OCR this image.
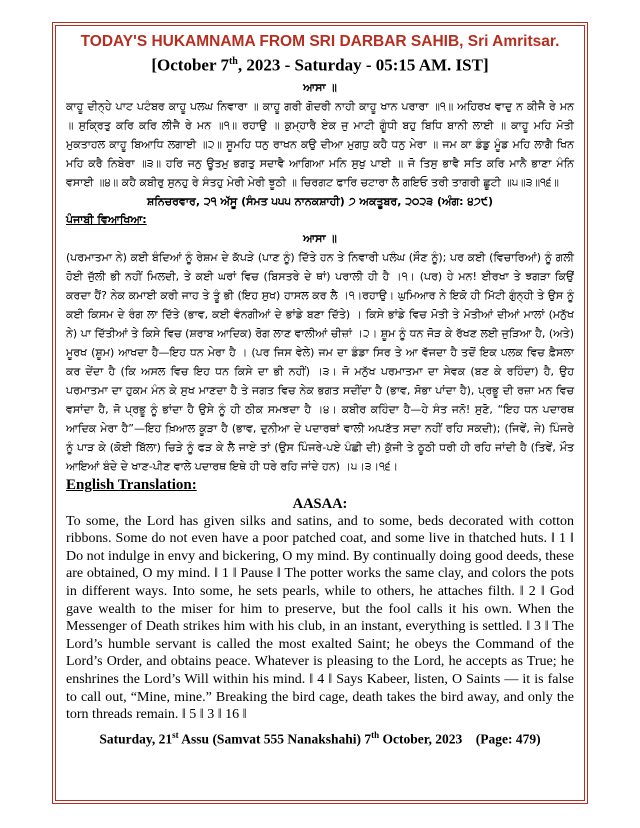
TODAY'S HUKAMNAMA FROM SRI DARBAR SAHIB, Sri Amritsar.

[October 7th, 2023 - Saturday - 05:15 AM. IST]

ਆਸਾ ॥

ਕਾਹੂ ਦੀਨ੍ਹੇ ਪਾਟ ਪਟੰਬਰ ਕਾਹੂ ਪਲਘ ਨਿਵਾਰਾ ॥ ਕਾਹੂ ਗਰੀ ਗੋਦਰੀ ਨਾਹੀ ਕਾਹੂ ਖਾਨ ਪਰਾਰਾ ॥੧॥ ਅਹਿਰਖ ਵਾਦੁ ਨ ਕੀਜੈ ਰੇ ਮਨ ॥ ਸੁਕ੍ਰਿਤੁ ਕਰਿ ਕਰਿ ਲੀਜੈ ਰੇ ਮਨ ॥੧॥ ਰਹਾਉ ॥ ਕੁਮ੍ਹਾਰੈ ਏਕ ਜੁ ਮਾਟੀ ਗੂੰਧੀ ਬਹੁ ਬਿਧਿ ਬਾਨੀ ਲਾਈ ॥ ਕਾਹੂ ਮਹਿ ਮੋਤੀ ਮੁਕਤਾਹਲ ਕਾਹੂ ਬਿਆਧਿ ਲਗਾਈ ॥੨॥ ਸੂਮਹਿ ਧਨੁ ਰਾਖਨ ਕਉ ਦੀਆ ਮੁਗਧੁ ਕਹੈ ਧਨੁ ਮੇਰਾ ॥ ਜਮ ਕਾ ਡੰਡੁ ਮੂੰਡ ਮਹਿ ਲਾਗੈ ਖਿਨ ਮਹਿ ਕਰੈ ਨਿਬੇਰਾ ॥੩॥ ਹਰਿ ਜਨੁ ਊਤਮੁ ਭਗਤੁ ਸਦਾਵੈ ਆਗਿਆ ਮਨਿ ਸੁਖੁ ਪਾਈ ॥ ਜੋ ਤਿਸੁ ਭਾਵੈ ਸਤਿ ਕਰਿ ਮਾਨੈ ਭਾਣਾ ਮੰਨਿ ਵਸਾਈ ॥੪॥ ਕਹੈ ਕਬੀਰੁ ਸੁਨਹੁ ਰੇ ਸੰਤਹੁ ਮੇਰੀ ਮੇਰੀ ਝੂਠੀ ॥ ਚਿਰਗਟ ਫਾਰਿ ਚਟਾਰਾ ਲੈ ਗਇਓ ਤਰੀ ਤਾਗਰੀ ਛੂਟੀ ॥੫॥੩॥੧੬॥

ਸ਼ਨਿਚਰਵਾਰ, ੨੧ ਅੱਸੂ (ਸੰਮਤ ੫੫੫ ਨਾਨਕਸ਼ਾਹੀ) ੭ ਅਕਤੂਬਰ, ੨੦੨੩ (ਅੰਗ: ੪੭੯)

ਪੰਜਾਬੀ ਵਿਆਖਿਆ:

ਆਸਾ ॥

(ਪਰਮਾਤਮਾ ਨੇ) ਕਈ ਬੰਦਿਆਂ ਨੂੰ ਰੇਸ਼ਮ ਦੇ ਕੱਪੜੇ (ਪਾਣ ਨੂੰ) ਦਿੱਤੇ ਹਨ ਤੇ ਨਿਵਾਰੀ ਪਲੰਘ (ਸੌਣ ਨੂੰ); ਪਰ ਕਈ (ਵਿਚਾਰਿਆਂ) ਨੂੰ ਗਲੀ ਹੋਈ ਜੁੱਲੀ ਭੀ ਨਹੀਂ ਮਿਲਦੀ, ਤੇ ਕਈ ਘਰਾਂ ਵਿਚ (ਬਿਸਤਰੇ ਦੇ ਥਾਂ) ਪਰਾਲੀ ਹੀ ਹੈ ।੧। (ਪਰ) ਹੇ ਮਨ! ਈਰਖਾ ਤੇ ਝਗੜਾ ਕਿਉਂ ਕਰਦਾ ਹੈਂ? ਨੇਕ ਕਮਾਈ ਕਰੀ ਜਾਹ ਤੇ ਤੂੰ ਭੀ (ਇਹ ਸੁਖ) ਹਾਸਲ ਕਰ ਲੈ ।੧।ਰਹਾਉ। ਘੁਮਿਆਰ ਨੇ ਇਕੋ ਹੀ ਮਿੱਟੀ ਗੁੰਨ੍ਹੀ ਤੇ ਉਸ ਨੂੰ ਕਈ ਕਿਸਮ ਦੇ ਰੰਗ ਲਾ ਦਿੱਤੇ (ਭਾਵ, ਕਈ ਵੰਨਗੀਆਂ ਦੇ ਭਾਂਡੇ ਬਣਾ ਦਿੱਤੇ) । ਕਿਸੇ ਭਾਂਡੇ ਵਿਚ ਮੋਤੀ ਤੇ ਮੋਤੀਆਂ ਦੀਆਂ ਮਾਲਾਂ (ਮਨੁੱਖ ਨੇ) ਪਾ ਦਿੱਤੀਆਂ ਤੇ ਕਿਸੇ ਵਿਚ (ਸ਼ਰਾਬ ਆਦਿਕ) ਰੋਗ ਲਾਣ ਵਾਲੀਆਂ ਚੀਜ਼ਾਂ ।੨। ਸ਼ੂਮ ਨੂੰ ਧਨ ਜੋੜ ਕੇ ਰੱਖਣ ਲਈ ਜੁੜਿਆ ਹੈ, (ਅਤੇ) ਮੂਰਖ (ਸ਼ੂਮ) ਆਖਦਾ ਹੈ—ਇਹ ਧਨ ਮੇਰਾ ਹੈ । (ਪਰ ਜਿਸ ਵੇਲੇ) ਜਮ ਦਾ ਡੰਡਾ ਸਿਰ ਤੇ ਆ ਵੱਜਦਾ ਹੈ ਤਦੋਂ ਇਕ ਪਲਕ ਵਿਚ ਫ਼ੈਸਲਾ ਕਰ ਦੇਂਦਾ ਹੈ (ਕਿ ਅਸਲ ਵਿਚ ਇਹ ਧਨ ਕਿਸੇ ਦਾ ਭੀ ਨਹੀਂ) ।੩। ਜੋ ਮਨੁੱਖ ਪਰਮਾਤਮਾ ਦਾ ਸੇਵਕ (ਬਣ ਕੇ ਰਹਿੰਦਾ) ਹੈ, ਉਹ ਪਰਮਾਤਮਾ ਦਾ ਹੁਕਮ ਮੰਨ ਕੇ ਸੁਖ ਮਾਣਦਾ ਹੈ ਤੇ ਜਗਤ ਵਿਚ ਨੇਕ ਭਗਤ ਸਦੀਂਦਾ ਹੈ (ਭਾਵ, ਸੋਭਾ ਪਾਂਦਾ ਹੈ), ਪ੍ਰਭੂ ਦੀ ਰਜ਼ਾ ਮਨ ਵਿਚ ਵਸਾਂਦਾ ਹੈ, ਜੋ ਪ੍ਰਭੂ ਨੂੰ ਭਾਂਦਾ ਹੈ ਉਸੇ ਨੂੰ ਹੀ ਠੀਕ ਸਮਝਦਾ ਹੈ ।੪। ਕਬੀਰ ਕਹਿੰਦਾ ਹੈ—ਹੇ ਸੰਤ ਜਨੋ! ਸੁਣੋ, “ਇਹ ਧਨ ਪਦਾਰਥ ਆਦਿਕ ਮੇਰਾ ਹੈ”—ਇਹ ਖ਼ਿਆਲ ਕੂੜਾ ਹੈ (ਭਾਵ, ਦੁਨੀਆ ਦੇ ਪਦਾਰਥਾਂ ਵਾਲੀ ਅਪਣੱਤ ਸਦਾ ਨਹੀਂ ਰਹਿ ਸਕਦੀ); (ਜਿਵੇਂ, ਜੇ) ਪਿੰਜਰੇ ਨੂੰ ਪਾੜ ਕੇ (ਕੋਈ ਬਿੱਲਾ) ਚਿੜੇ ਨੂੰ ਫੜ ਕੇ ਲੈ ਜਾਏ ਤਾਂ (ਉਸ ਪਿੰਜਰੇ-ਪਏ ਪੰਛੀ ਦੀ) ਕੁੱਜੀ ਤੇ ਠੂਠੀ ਧਰੀ ਹੀ ਰਹਿ ਜਾਂਦੀ ਹੈ (ਤਿਵੇਂ, ਮੌਤ ਆਇਆਂ ਬੰਦੇ ਦੇ ਖਾਣ-ਪੀਣ ਵਾਲੇ ਪਦਾਰਥ ਇਥੇ ਹੀ ਧਰੇ ਰਹਿ ਜਾਂਦੇ ਹਨ) ।੫।੩।੧੬।

English Translation:

AASAA:

To some, the Lord has given silks and satins, and to some, beds decorated with cotton ribbons. Some do not even have a poor patched coat, and some live in thatched huts. ‖ 1 ‖ Do not indulge in envy and bickering, O my mind. By continually doing good deeds, these are obtained, O my mind. ‖ 1 ‖ Pause ‖ The potter works the same clay, and colors the pots in different ways. Into some, he sets pearls, while to others, he attaches filth. ‖ 2 ‖ God gave wealth to the miser for him to preserve, but the fool calls it his own. When the Messenger of Death strikes him with his club, in an instant, everything is settled. ‖ 3 ‖ The Lord’s humble servant is called the most exalted Saint; he obeys the Command of the Lord’s Order, and obtains peace. Whatever is pleasing to the Lord, he accepts as True; he enshrines the Lord’s Will within his mind. ‖ 4 ‖ Says Kabeer, listen, O Saints — it is false to call out, “Mine, mine.” Breaking the bird cage, death takes the bird away, and only the torn threads remain. ‖ 5 ‖ 3 ‖ 16 ‖

Saturday, 21st Assu (Samvat 555 Nanakshahi) 7th October, 2023 (Page: 479)
